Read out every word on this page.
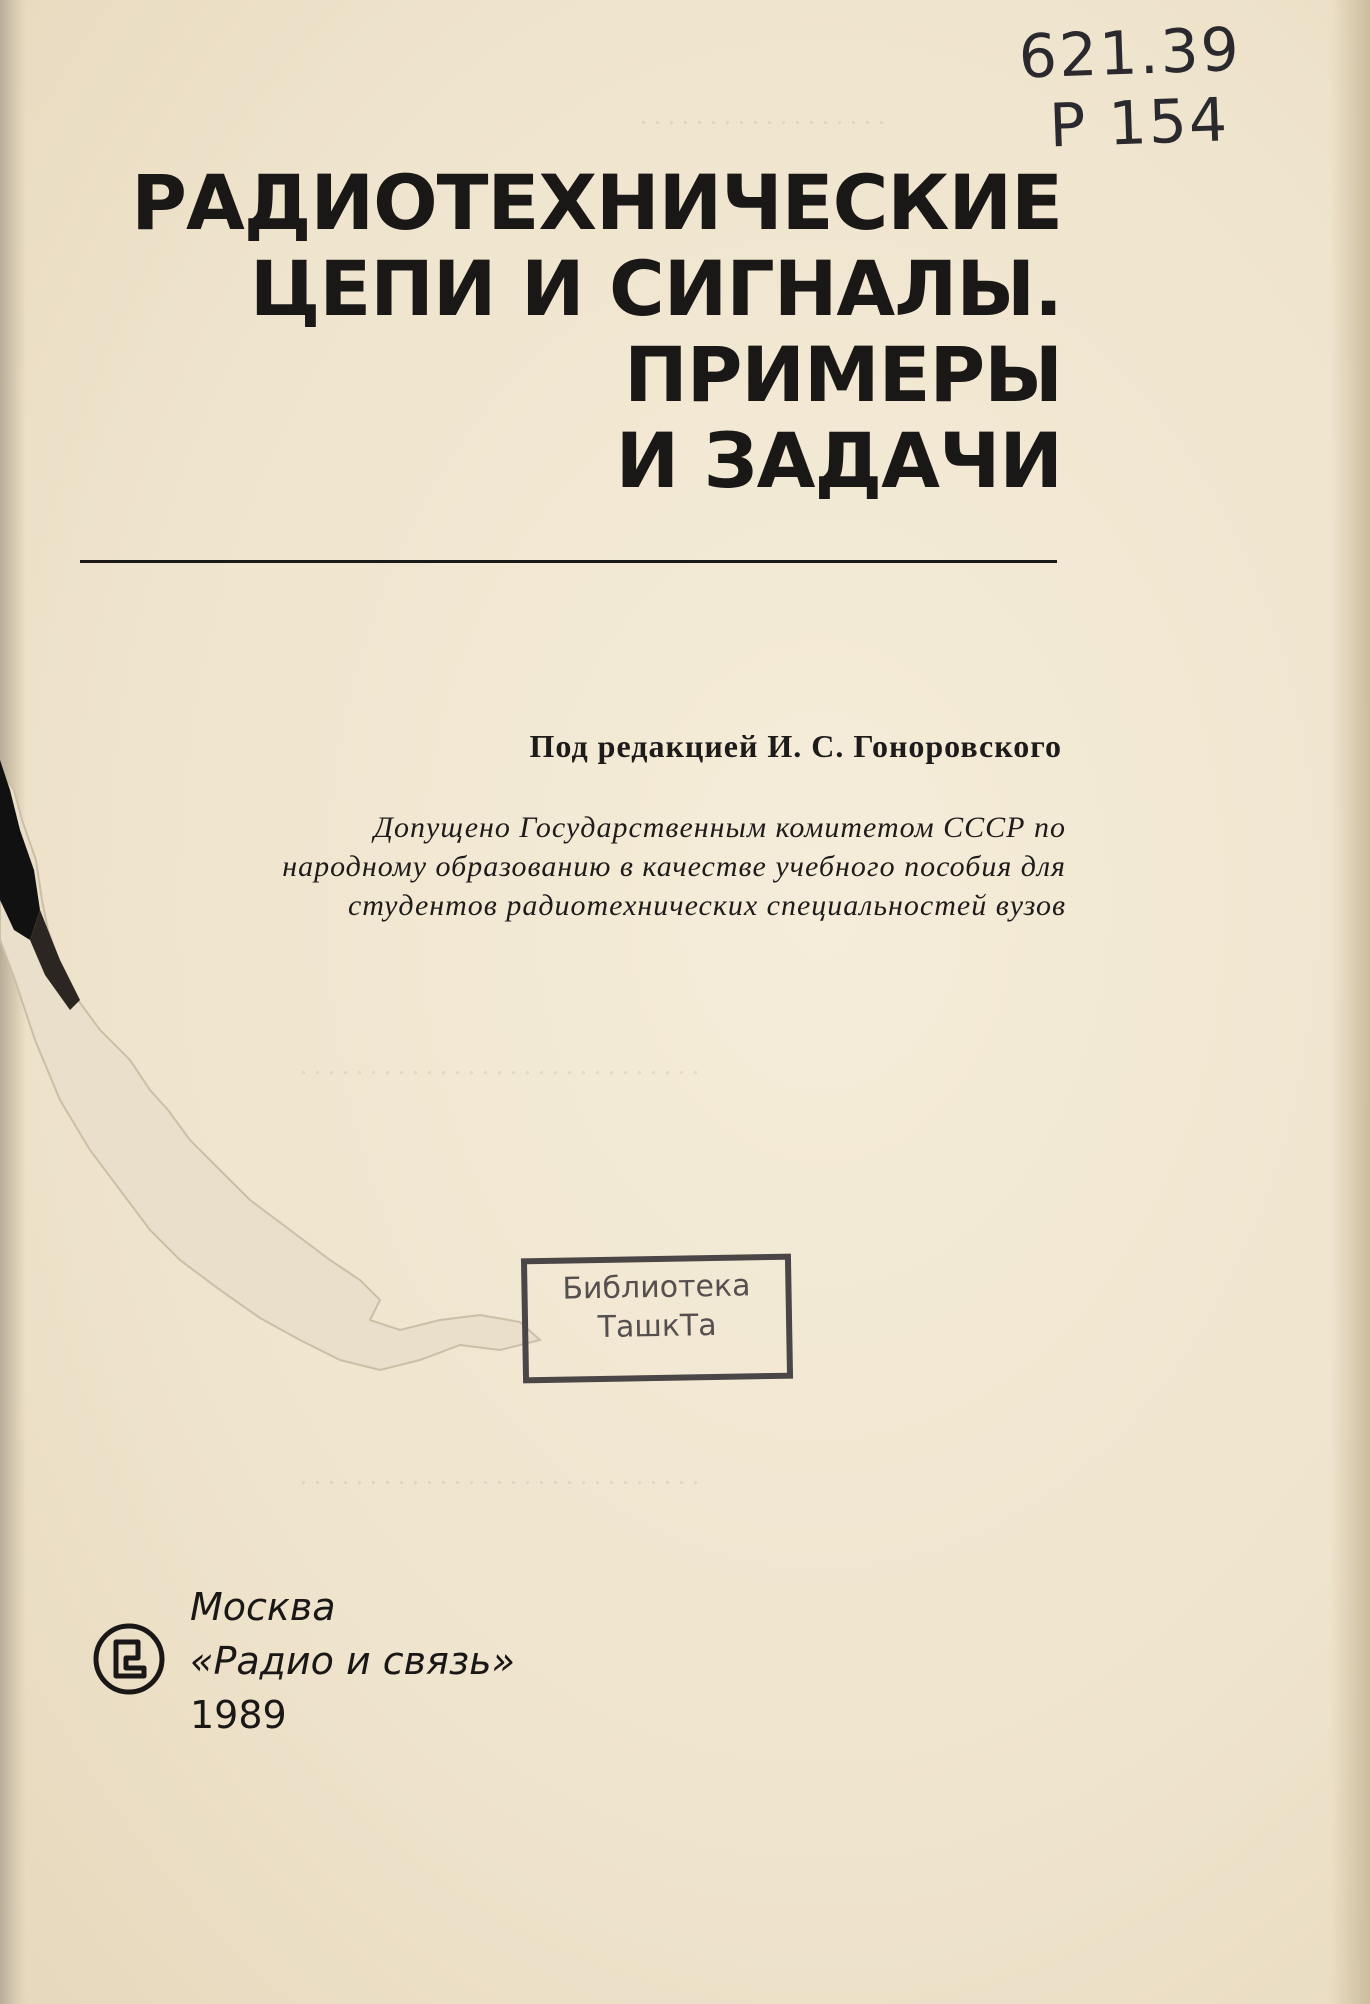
. . . . . . . . . . . . . . . . . .
. . . . . . . . . . . . . . . . . . . . . . . . . . . . .
. . . . . . . . . . . . . . . . . . . . . . . . . . . . .
621.39
Р 154
РАДИОТЕХНИЧЕСКИЕ
ЦЕПИ И СИГНАЛЫ.
ПРИМЕРЫ
И ЗАДАЧИ
Под редакцией И. С. Гоноровского
Допущено Государственным комитетом СССР по
народному образованию в качестве учебного пособия для
студентов радиотехнических специальностей вузов
Библиотека
ТашкТа
Москва
«Радио и связь»
1989
